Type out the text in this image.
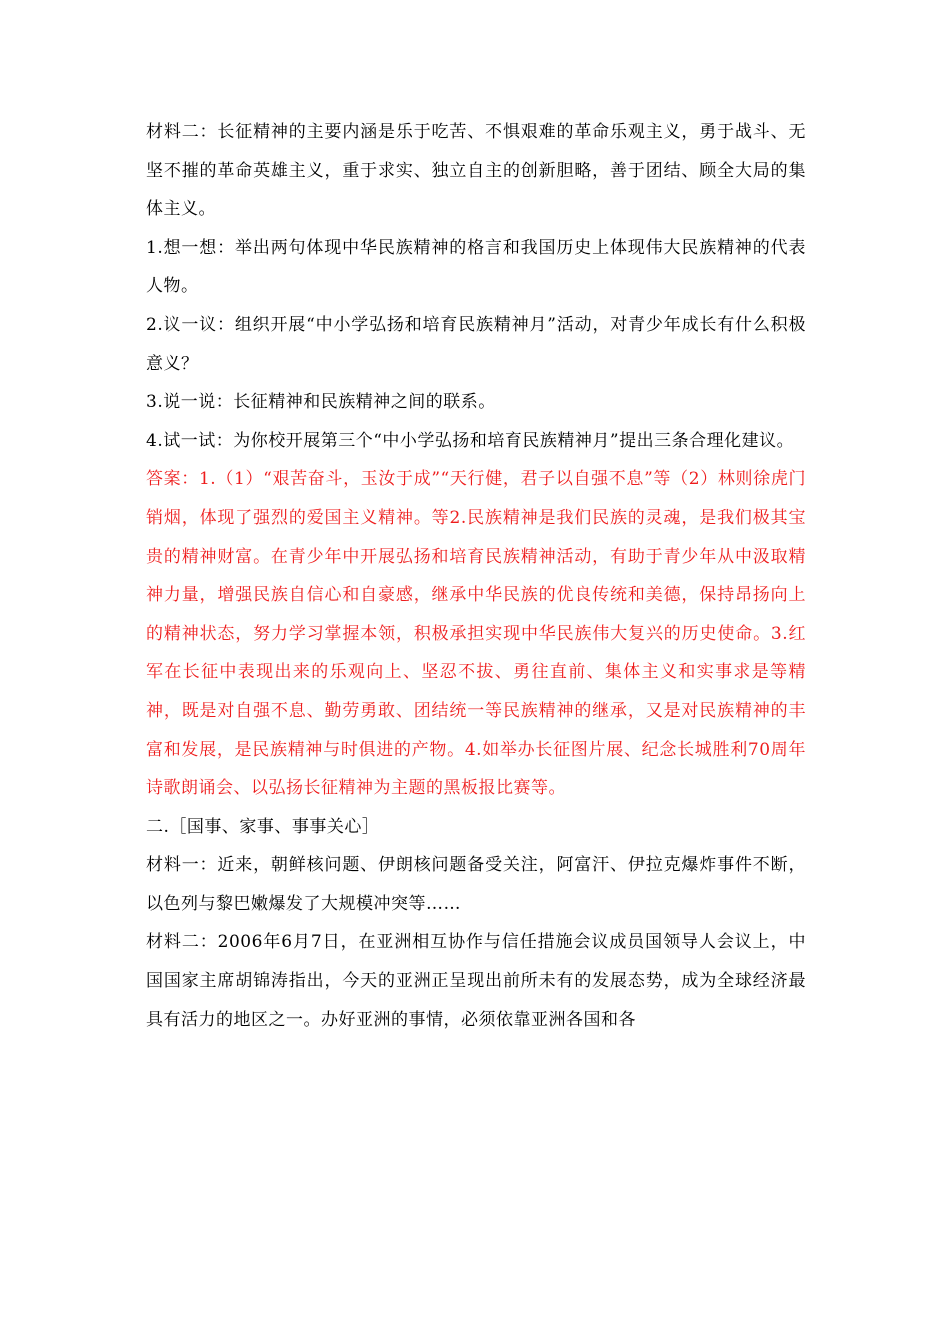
材料二：长征精神的主要内涵是乐于吃苦、不惧艰难的革命乐观主义，勇于战斗、无坚不摧的革命英雄主义，重于求实、独立自主的创新胆略，善于团结、顾全大局的集体主义。

1.想一想：举出两句体现中华民族精神的格言和我国历史上体现伟大民族精神的代表人物。

2.议一议：组织开展“中小学弘扬和培育民族精神月”活动，对青少年成长有什么积极意义？

3.说一说：长征精神和民族精神之间的联系。

4.试一试：为你校开展第三个“中小学弘扬和培育民族精神月”提出三条合理化建议。

答案：1.（1）“艰苦奋斗，玉汝于成”“天行健，君子以自强不息”等（2）林则徐虎门销烟，体现了强烈的爱国主义精神。等2.民族精神是我们民族的灵魂，是我们极其宝贵的精神财富。在青少年中开展弘扬和培育民族精神活动，有助于青少年从中汲取精神力量，增强民族自信心和自豪感，继承中华民族的优良传统和美德，保持昂扬向上的精神状态，努力学习掌握本领，积极承担实现中华民族伟大复兴的历史使命。3.红军在长征中表现出来的乐观向上、坚忍不拔、勇往直前、集体主义和实事求是等精神，既是对自强不息、勤劳勇敢、团结统一等民族精神的继承，又是对民族精神的丰富和发展，是民族精神与时俱进的产物。4.如举办长征图片展、纪念长城胜利70周年诗歌朗诵会、以弘扬长征精神为主题的黑板报比赛等。

二.［国事、家事、事事关心］

材料一：近来，朝鲜核问题、伊朗核问题备受关注，阿富汗、伊拉克爆炸事件不断，以色列与黎巴嫩爆发了大规模冲突等……

材料二：2006年6月7日，在亚洲相互协作与信任措施会议成员国领导人会议上，中国国家主席胡锦涛指出，今天的亚洲正呈现出前所未有的发展态势，成为全球经济最具有活力的地区之一。办好亚洲的事情，必须依靠亚洲各国和各
